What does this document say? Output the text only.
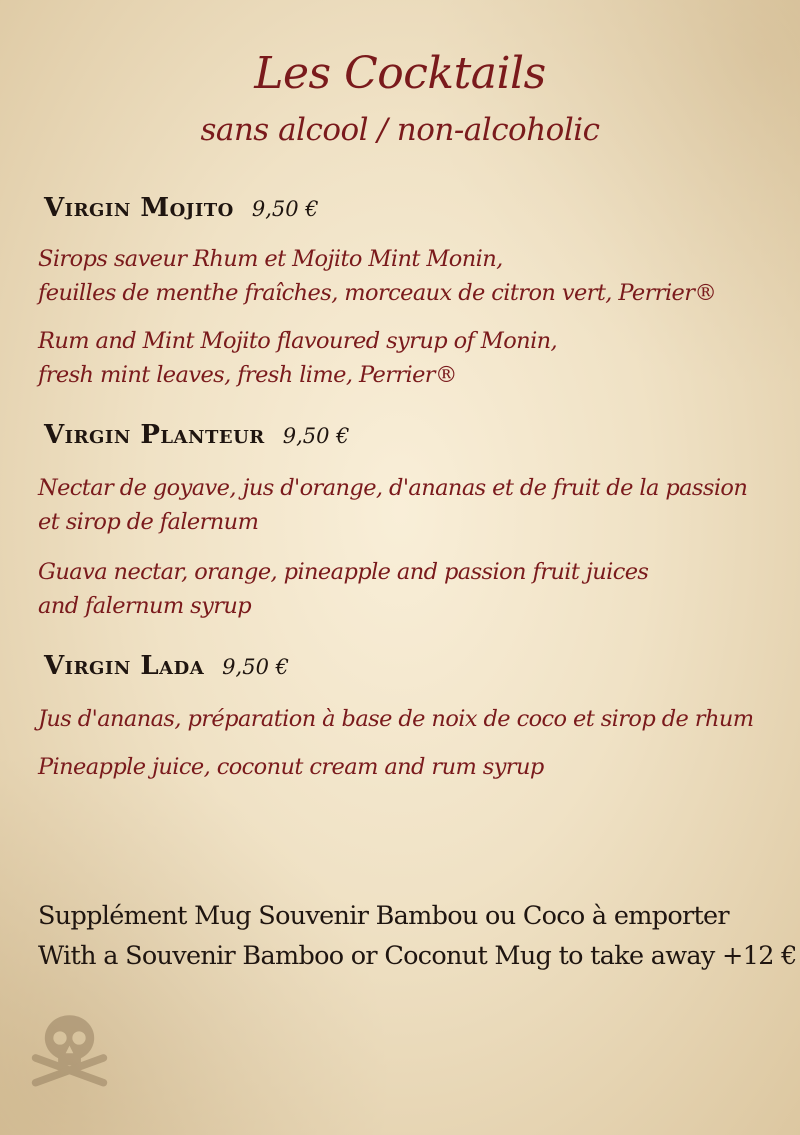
Les Cocktails
sans alcool / non-alcoholic
Virgin Mojito 9,50 €
Sirops saveur Rhum et Mojito Mint Monin,
feuilles de menthe fraîches, morceaux de citron vert, Perrier®
Rum and Mint Mojito flavoured syrup of Monin,
fresh mint leaves, fresh lime, Perrier®
Virgin Planteur 9,50 €
Nectar de goyave, jus d'orange, d'ananas et de fruit de la passion
et sirop de falernum
Guava nectar, orange, pineapple and passion fruit juices
and falernum syrup
Virgin Lada 9,50 €
Jus d'ananas, préparation à base de noix de coco et sirop de rhum
Pineapple juice, coconut cream and rum syrup
Supplément Mug Souvenir Bambou ou Coco à emporter
With a Souvenir Bamboo or Coconut Mug to take away +12 €
